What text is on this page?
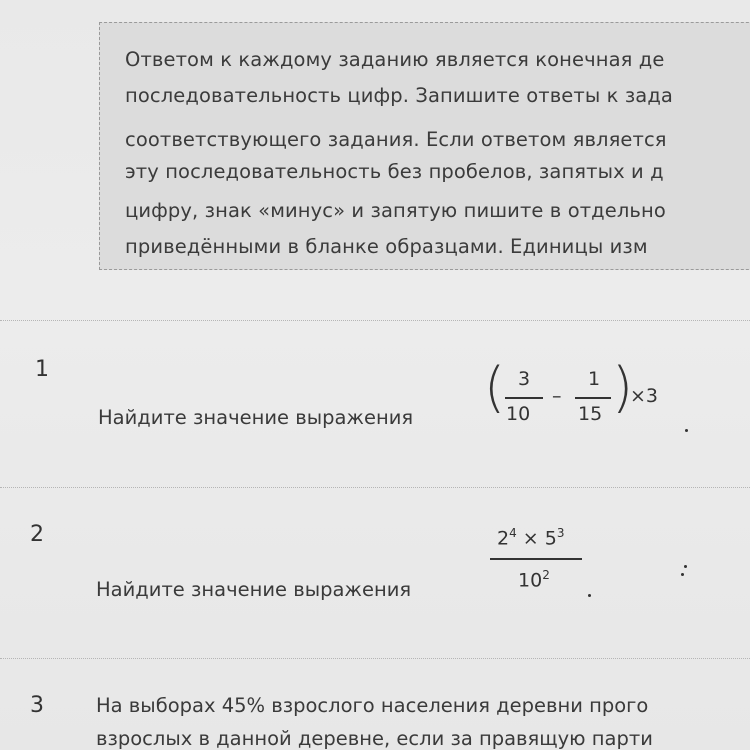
Ответом к каждому заданию является конечная де
последовательность цифр. Запишите ответы к зада
соответствующего задания. Если ответом является
эту последовательность без пробелов, запятых и д
цифру, знак «минус» и запятую пишите в отдельно
приведёнными в бланке образцами. Единицы изм
1
Найдите значение выражения ( 3
10
–
1
15 )
×3
2
Найдите значение выражения
$2^4 \times 5^3$
$10^2$
3	На выборах 45% взрослого населения деревни прого
взрослых в данной деревне, если за правящую парти
